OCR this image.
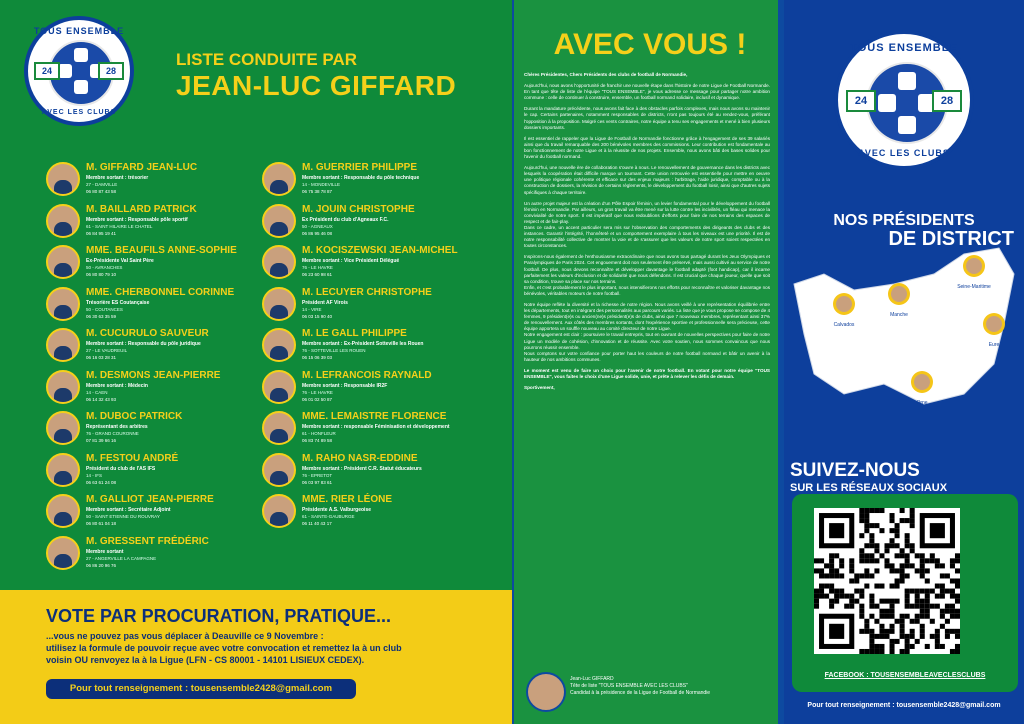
TOUS ENSEMBLE
24	28
AVEC LES CLUBS
LISTE CONDUITE PAR
JEAN-LUC GIFFARD
M. GIFFARD JEAN-LUC
Membre sortant : trésorier
27 - DAMVILLE
06 80 87 43 58
M. BAILLARD PATRICK
Membre sortant : Responsable pôle sportif
61 - SAINT HILAIRE LE CHATEL
06 84 95 19 41
MME. BEAUFILS ANNE-SOPHIE
Ex-Présidente Val Saint Père
50 - AVRANCHES
06 80 80 79 10
MME. CHERBONNEL CORINNE
Trésorière ES Coutançaise
50 - COUTANCES
06 30 63 35 59
M. CUCURULO SAUVEUR
Membre sortant : Responsable du pôle juridique
27 - LE VAUDREUIL
06 16 03 28 31
M. DESMONS JEAN-PIERRE
Membre sortant : Médecin
14 - CAEN
06 14 32 43 93
M. DUBOC PATRICK
Représentant des arbitres
76 - GRAND COURONNE
07 81 39 66 16
M. FESTOU ANDRÉ
Président du club de l'AS IFS
14 - IFS
06 63 61 24 08
M. GALLIOT JEAN-PIERRE
Membre sortant : Secrétaire Adjoint
50 - SAINT ETIENNE DU ROUVRAY
06 80 61 04 18
M. GRESSENT FRÉDÉRIC
Membre sortant
27 - ANGERVILLE LA CAMPAGNE
06 86 20 96 76
M. GUERRIER PHILIPPE
Membre sortant : Responsable du pôle technique
14 - MONDEVILLE
06 75 38 78 87
M. JOUIN CHRISTOPHE
Ex Président du club d'Agneaux F.C.
50 - AGNEAUX
06 86 95 46 08
M. KOCISZEWSKI JEAN-MICHEL
Membre sortant : Vice Président Délégué
76 - LE HAVRE
06 23 60 98 61
M. LECUYER CHRISTOPHE
Président AF Virois
14 - VIRE
06 03 15 90 40
M. LE GALL PHILIPPE
Membre sortant : Ex-Président Sotteville les Rouen
76 - SOTTEVILLE LES ROUEN
06 15 06 39 03
M. LEFRANCOIS RAYNALD
Membre sortant : Responsable IR2F
76 - LE HAVRE
06 01 02 50 87
MME. LEMAISTRE FLORENCE
Membre sortant : responsable Féminisation et développement
61 - HONFLEUR
06 83 74 89 58
M. RAHO NASR-EDDINE
Membre sortant : Président C.R. Statut éducateurs
76 - EPRETOT
06 03 97 83 61
MME. RIER LÉONE
Présidente A.S. Valburgeoise
61 - SAINTE-GAUBURGE
06 11 40 43 17
VOTE PAR PROCURATION, PRATIQUE...
...vous ne pouvez pas vous déplacer à Deauville ce 9 Novembre :
utilisez la formule de pouvoir reçue avec votre convocation et remettez la à un club
voisin OU renvoyez la à la Ligue (LFN - CS 80001 - 14101 LISIEUX CEDEX).
Pour tout renseignement : tousensemble2428@gmail.com
AVEC VOUS !

Chères Présidentes, Chers Présidents des clubs de football de Normandie,

Aujourd'hui, nous avons l'opportunité de franchir une nouvelle étape dans l'histoire de notre Ligue de Football Normande. En tant que tête de liste de l'équipe "TOUS ENSEMBLE", je vous adresse ce message pour partager notre ambition commune : celle de continuer à construire, ensemble, un football normand solidaire, inclusif et dynamique.

Durant la mandature précédente, nous avons fait face à des obstacles parfois complexes, mais nous avons su maintenir le cap. Certains partenaires, notamment responsables de districts, n'ont pas toujours été au rendez-vous, préférant l'opposition à la proposition. Malgré ces vents contraires, notre équipe a tenu ses engagements et mené à bien plusieurs dossiers importants.

Il est essentiel de rappeler que la Ligue de Football de Normandie fonctionne grâce à l'engagement de ses 39 salariés ainsi que du travail remarquable des 200 bénévoles membres des commissions. Leur contribution est fondamentale au bon fonctionnement de notre Ligue et à la réussite de nos projets. Ensemble, nous avons bâti des bases solides pour l'avenir du football normand.

Aujourd'hui, une nouvelle ère de collaboration s'ouvre à nous. Le renouvellement de gouvernance dans les districts avec lesquels la coopération était difficile marque un tournant. Cette union retrouvée est essentielle pour mettre en oeuvre une politique régionale cohérente et efficace sur des enjeux majeurs : l'arbitrage, l'aide juridique, comptable ou à la construction de dossiers, la révision de certains règlements, le développement du football loisir, ainsi que d'autres sujets spécifiques à chaque territoire.

Un autre projet majeur est la création d'un Pôle Espoir féminin, un levier fondamental pour le développement du football féminin en Normandie. Par ailleurs, un gros travail va être mené sur la lutte contre les incivilités, un fléau qui menace la convivialité de notre sport. Il est impératif que nous redoublions d'efforts pour faire de nos terrains des espaces de respect et de fair-play.

Dans ce cadre, un accent particulier sera mis sur l'observation des comportements des dirigeants des clubs et des instances. Garantir l'intégrité, l'honnêteté et un comportement exemplaire à tous les niveaux est une priorité. Il est de notre responsabilité collective de montrer la voie et de s'assurer que les valeurs de notre sport soient respectées en toutes circonstances.

Inspirons-nous également de l'enthousiasme extraordinaire que nous avons tous partagé durant les Jeux Olympiques et Paralympiques de Paris 2024. Cet engouement doit non seulement être préservé, mais aussi cultivé au service de notre football. De plus, nous devons reconnaître et développer davantage le football adapté (foot handicap), car il incarne parfaitement les valeurs d'inclusion et de solidarité que nous défendons. Il est crucial que chaque joueur, quelle que soit sa condition, trouve sa place sur nos terrains.

Enfin, et c'est probablement le plus important, nous intensifierons nos efforts pour reconnaître et valoriser davantage nos bénévoles, véritables moteurs de notre football.

Notre équipe reflète la diversité et la richesse de notre région. Nous avons veillé à une représentation équilibrée entre les départements, tout en intégrant des personnalités aux parcours variés. La liste que je vous propose se compose de 4 femmes, 9 président(e)s ou ancien(ne)s président(e)s de clubs, ainsi que 7 nouveaux membres, représentant ainsi 37% de renouvellement. Aux côtés des membres sortants, dont l'expérience sportive et professionnelle sera précieuse, cette équipe apportera un souffle nouveau au comité directeur de notre Ligue.

Notre engagement est clair : poursuivre le travail entrepris, tout en ouvrant de nouvelles perspectives pour faire de notre Ligue un modèle de cohésion, d'innovation et de réussite. Avec votre soutien, nous sommes convaincus que nous pourrons réussir ensemble.

Nous comptons sur votre confiance pour porter haut les couleurs de notre football normand et bâtir un avenir à la hauteur de nos ambitions communes.

Le moment est venu de faire un choix pour l'avenir de notre football. En votant pour notre équipe "TOUS ENSEMBLE", vous faites le choix d'une Ligue solide, unie, et prête à relever les défis de demain.

Sportivement,

Jean-Luc GIFFARD
Tête de liste "TOUS ENSEMBLE AVEC LES CLUBS"
Candidat à la présidence de la Ligue de Football de Normandie
TOUS ENSEMBLE
24	28
AVEC LES CLUBS
NOS PRÉSIDENTS
DE DISTRICT
Calvados
Manche
Seine-Maritime
Eure
Orne
SUIVEZ-NOUS
SUR LES RÉSEAUX SOCIAUX
FACEBOOK : TOUSENSEMBLEAVECLESCLUBS
Pour tout renseignement : tousensemble2428@gmail.com
